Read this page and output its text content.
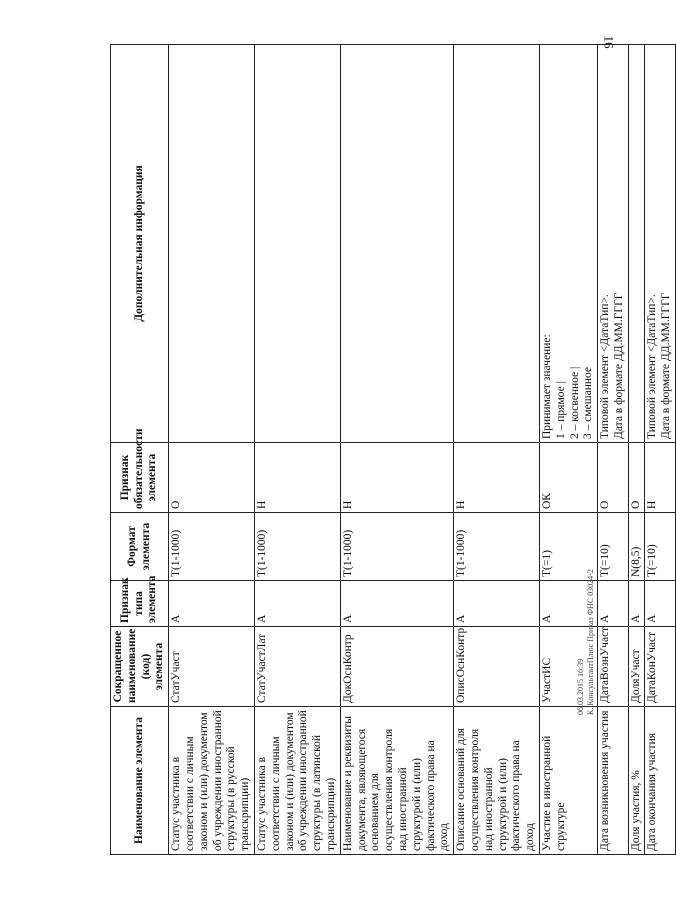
16
Наименование элемента	Сокращенное наименование (код) элемента	Признак типа элемента	Формат элемента	Признак обязательности элемента	Дополнительная информация
Статус участника в соответствии с личным законом и (или) документом об учреждении иностранной структуры (в русской транскрипции)	СтатУчаст	А	T(1-1000)	О	
Статус участника в соответствии с личным законом и (или) документом об учреждении иностранной структуры (в латинской транскрипции)	СтатУчастЛат	А	T(1-1000)	Н	
Наименование и реквизиты документа, являющегося основанием для осуществления контроля над иностранной структурой и (или) фактического права на доход	ДокОснКонтр	А	T(1-1000)	Н	
Описание оснований для осуществления контроля над иностранной структурой и (или) фактического права на доход	ОписОснКонтр	А	T(1-1000)	Н	
Участие в иностранной структуре	УчастИС	А	T(=1)	ОК	Принимает значение:
1 – прямое |
2 – косвенное |
3 – смешанное
Дата возникновения участия	ДатаВознУчаст	А	T(=10)	О	Типовой элемент <ДатаТип>.
Дата в формате ДД.ММ.ГГГГ
Доля участия, %	ДоляУчаст	А	N(8,5)	О	
Дата окончания участия	ДатаКонУчаст	А	T(=10)	Н	Типовой элемент <ДатаТип>.
Дата в формате ДД.ММ.ГГГГ
06.03.2015 16:39 К. КонсультантПлюс Приказ ФНС 03024-2
